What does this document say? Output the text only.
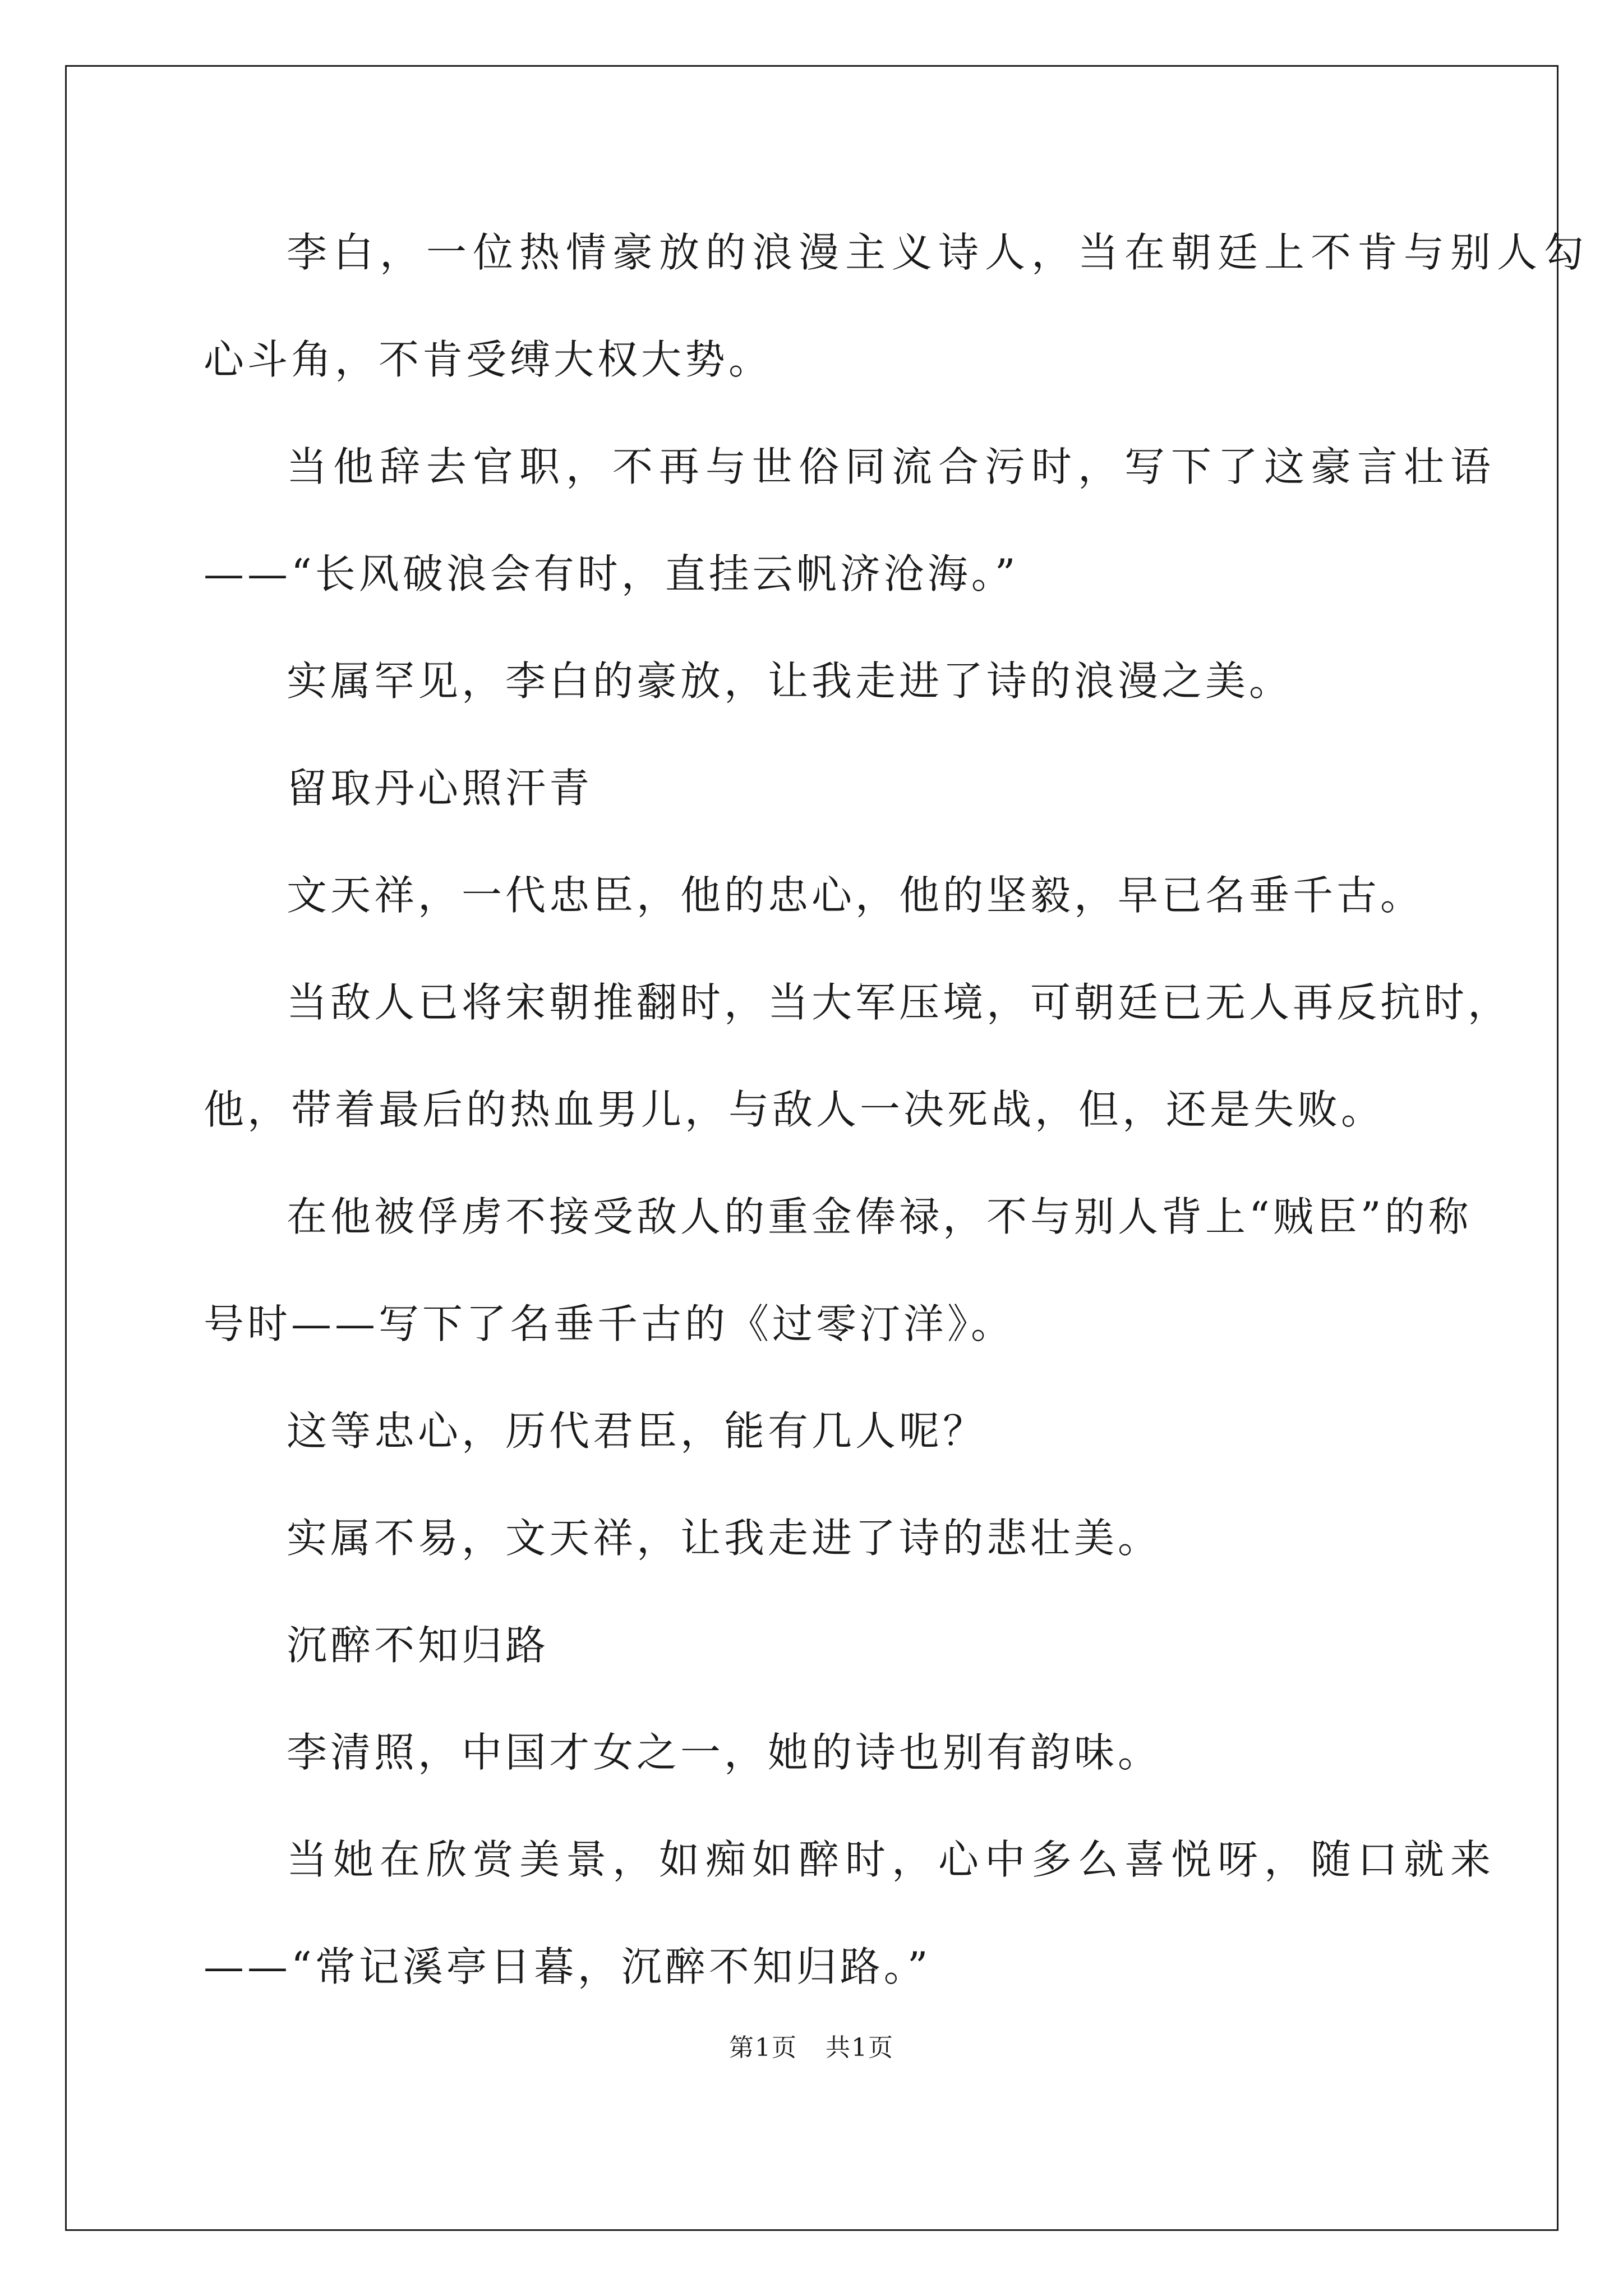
李白，一位热情豪放的浪漫主义诗人，当在朝廷上不肯与别人勾

心斗角，不肯受缚大权大势。

当他辞去官职，不再与世俗同流合污时，写下了这豪言壮语

——“长风破浪会有时，直挂云帆济沧海。”

实属罕见，李白的豪放，让我走进了诗的浪漫之美。

留取丹心照汗青

文天祥，一代忠臣，他的忠心，他的坚毅，早已名垂千古。

当敌人已将宋朝推翻时，当大军压境，可朝廷已无人再反抗时，

他，带着最后的热血男儿，与敌人一决死战，但，还是失败。

在他被俘虏不接受敌人的重金俸禄，不与别人背上“贼臣”的称

号时——写下了名垂千古的《过零汀洋》。

这等忠心，历代君臣，能有几人呢？

实属不易，文天祥，让我走进了诗的悲壮美。

沉醉不知归路

李清照，中国才女之一，她的诗也别有韵味。

当她在欣赏美景，如痴如醉时，心中多么喜悦呀，随口就来

——“常记溪亭日暮，沉醉不知归路。”

第1页 共1页
